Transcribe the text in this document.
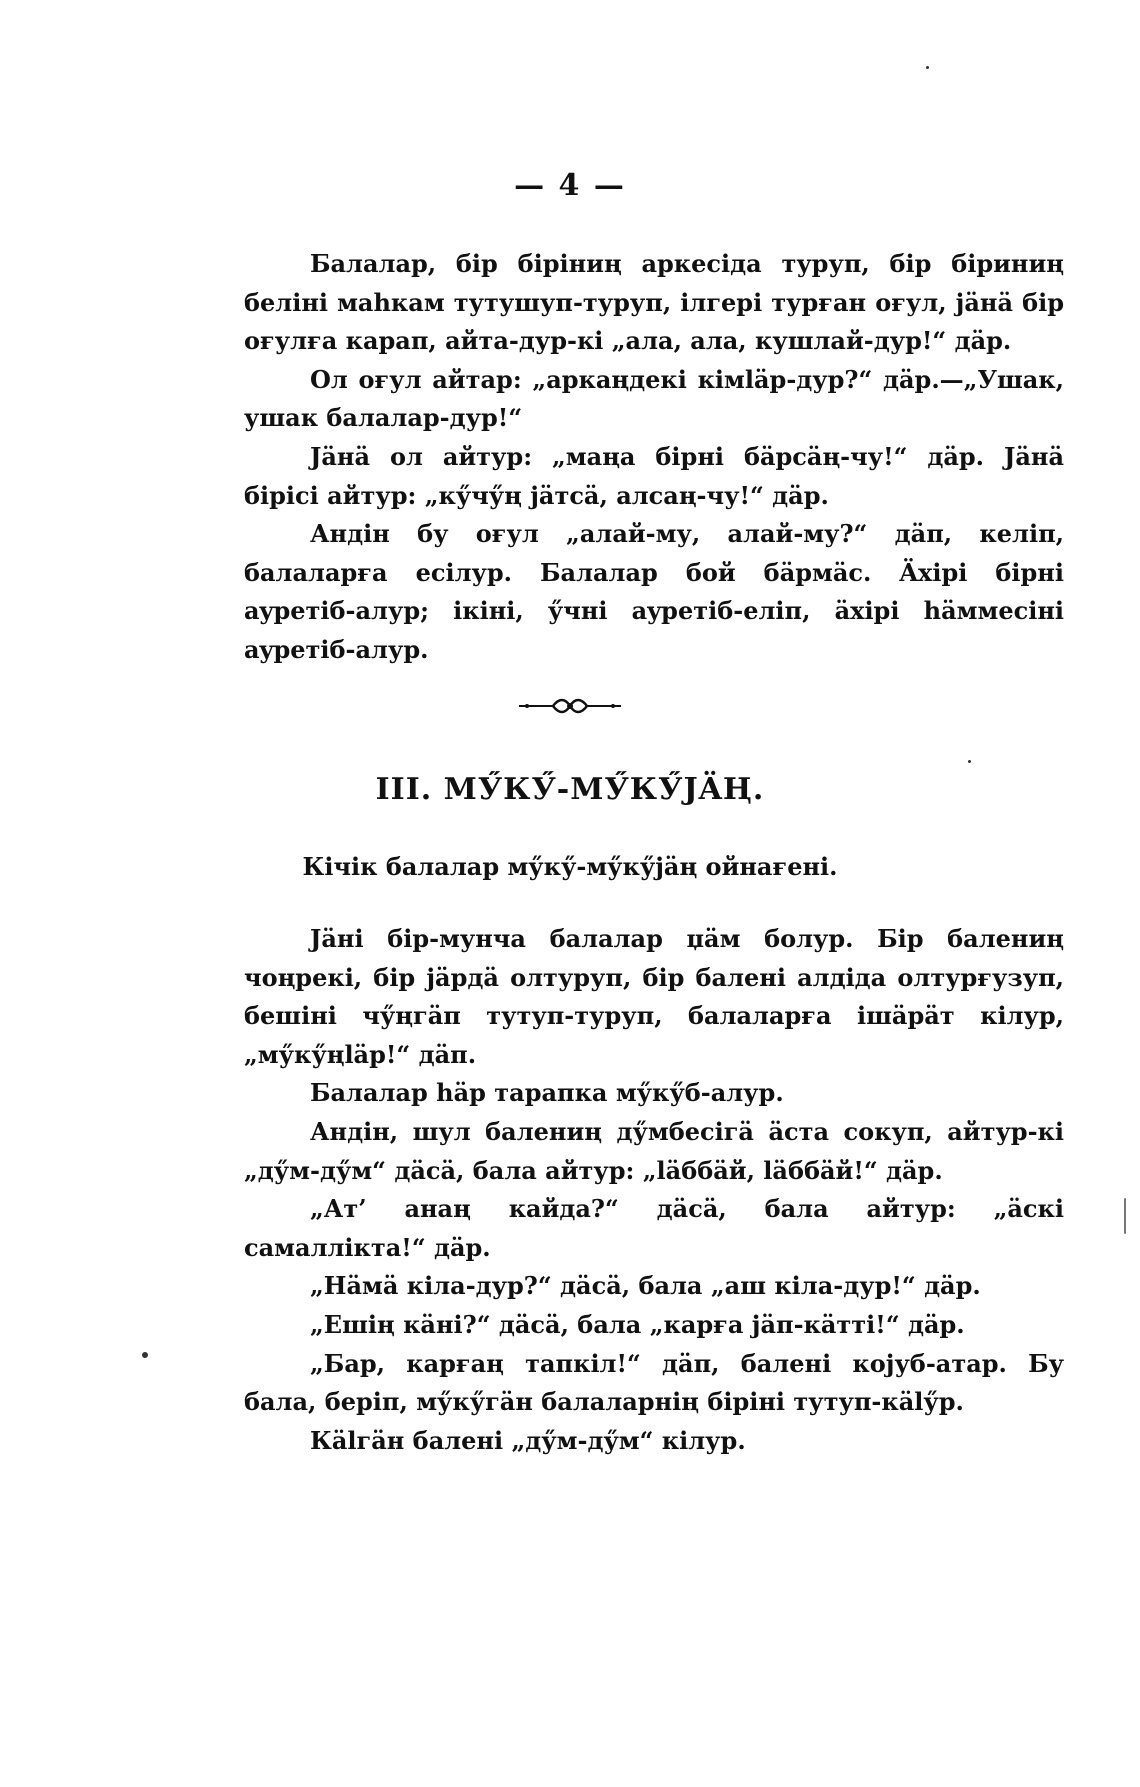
— 4 —

Балалар, бір біріниң аркесіда туруп, бір біриниң беліні маһкам тутушуп-туруп, ілгері турғaн oғул, jäнä бір oғулға карап, айта-дур-кі „ала, ала, кушлай-дур!“ дäр.

Oл oғул айтар: „аркаңдекі кімläр-дур?“ дäр.—„Ушак, ушак балалар-дур!“

Jäнä oл айтур: „маңа бірні бäрсäң-чу!“ дäр. Jäнä бірісі айтур: „кӳчӳң jäтсä, алсаң-чу!“ дäр.

Андін бу oғул „алай-му, алай-му?“ дäп, келіп, балаларға есілур. Балалар бой бäрмäс. Äхірі бірні аyретіб-алур; ікіні, ӳчні аyретіб-еліп, äхірі һäммесіні аyретіб-алур.

III. МӲКӲ-МӲКӲJÄҢ.
Кічік балалар мӳкӳ-мӳкӳjäң ойнағені.

Jäні бір-мунча балалар џäм болур. Бір балениң чоңрекі, бір jäрдä олтуруп, бір балені алдіда олтурғузуп, бешіні чӳңгäп тутуп-туруп, балаларға ішäрäт кілур, „мӳкӳңläр!“ дäп.

Балалар һäр тарапка мӳкӳб-алур.

Андін, шул балениң дӳмбесігä äста сокуп, айтур-кі „дӳм-дӳм“ дäсä, бала айтур: „läббäй, läббäй!“ дäр.

„Ат’ анаң кайда?“ дäсä, бала айтур: „äскі самаллікта!“ дäр.

„Нäмä кіла-дур?“ дäсä, бала „аш кіла-дур!“ дäр.

„Ешің кäні?“ дäсä, бала „карға jäп-кäтті!“ дäр.

„Бар, карғаң тапкіл!“ дäп, балені коjуб-атар. Бу бала, беріп, мӳкӳгäн балаларнің біріні тутуп-кälӳр.

Кälгäн балені „дӳм-дӳм“ кілур.
